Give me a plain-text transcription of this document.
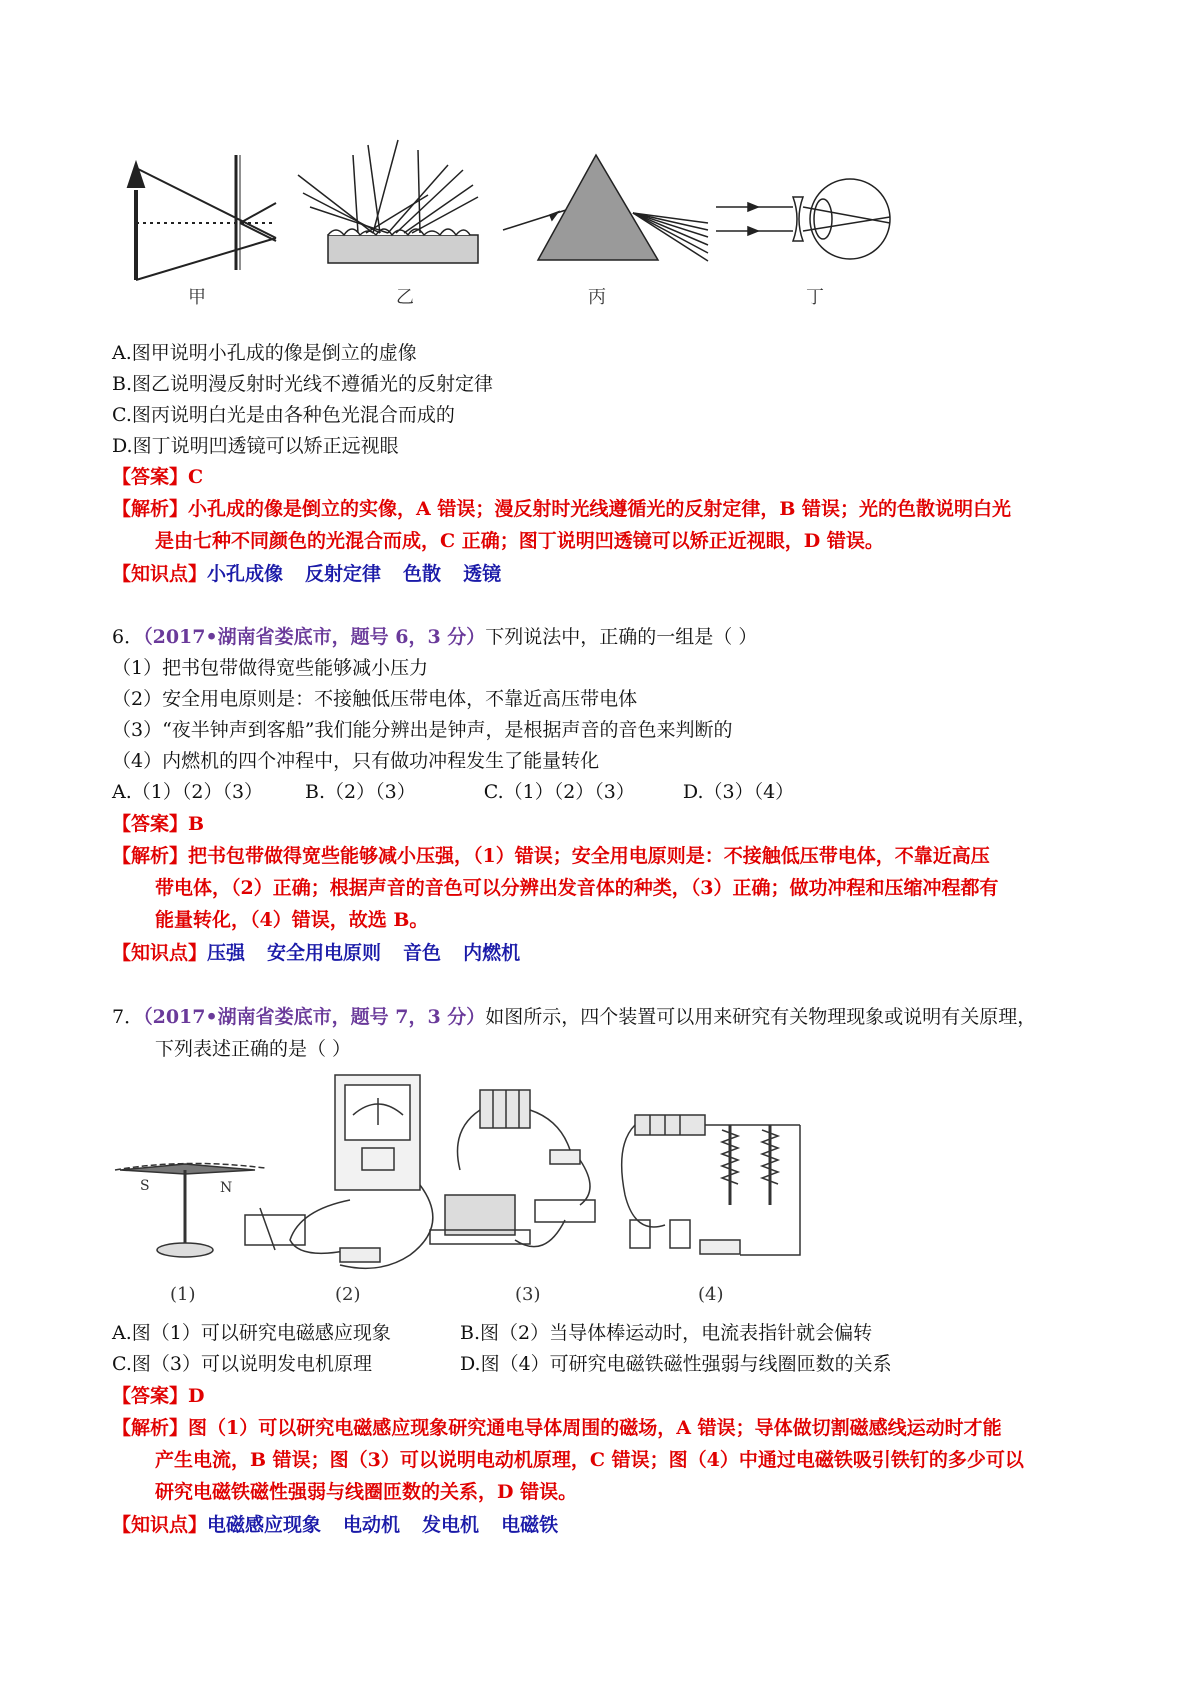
甲	乙	丙	丁
A.图甲说明小孔成的像是倒立的虚像
B.图乙说明漫反射时光线不遵循光的反射定律
C.图丙说明白光是由各种色光混合而成的
D.图丁说明凹透镜可以矫正远视眼
【答案】C
【解析】小孔成的像是倒立的实像，A 错误；漫反射时光线遵循光的反射定律，B 错误；光的色散说明白光
是由七种不同颜色的光混合而成，C 正确；图丁说明凹透镜可以矫正近视眼，D 错误。
【知识点】小孔成像 反射定律 色散 透镜
6．（2017•湖南省娄底市，题号 6，3 分）下列说法中，正确的一组是（ ）
（1）把书包带做得宽些能够减小压力
（2）安全用电原则是：不接触低压带电体，不靠近高压带电体
（3）“夜半钟声到客船”我们能分辨出是钟声，是根据声音的音色来判断的
（4）内燃机的四个冲程中，只有做功冲程发生了能量转化
A.（1）（2）（3） B.（2）（3）	C.（1）（2）（3）	D.（3）（4）
【答案】B
【解析】把书包带做得宽些能够减小压强，（1）错误；安全用电原则是：不接触低压带电体，不靠近高压
带电体，（2）正确；根据声音的音色可以分辨出发音体的种类，（3）正确；做功冲程和压缩冲程都有
能量转化，（4）错误，故选 B。
【知识点】压强 安全用电原则 音色 内燃机
7．（2017•湖南省娄底市，题号 7，3 分）如图所示，四个装置可以用来研究有关物理现象或说明有关原理，
下列表述正确的是（ ）
S	N
(1)	(2)	(3)	(4)
A.图（1）可以研究电磁感应现象	B.图（2）当导体棒运动时，电流表指针就会偏转
C.图（3）可以说明发电机原理	D.图（4）可研究电磁铁磁性强弱与线圈匝数的关系
【答案】D
【解析】图（1）可以研究电磁感应现象研究通电导体周围的磁场，A 错误；导体做切割磁感线运动时才能
产生电流，B 错误；图（3）可以说明电动机原理，C 错误；图（4）中通过电磁铁吸引铁钉的多少可以
研究电磁铁磁性强弱与线圈匝数的关系，D 错误。
【知识点】电磁感应现象 电动机 发电机 电磁铁
